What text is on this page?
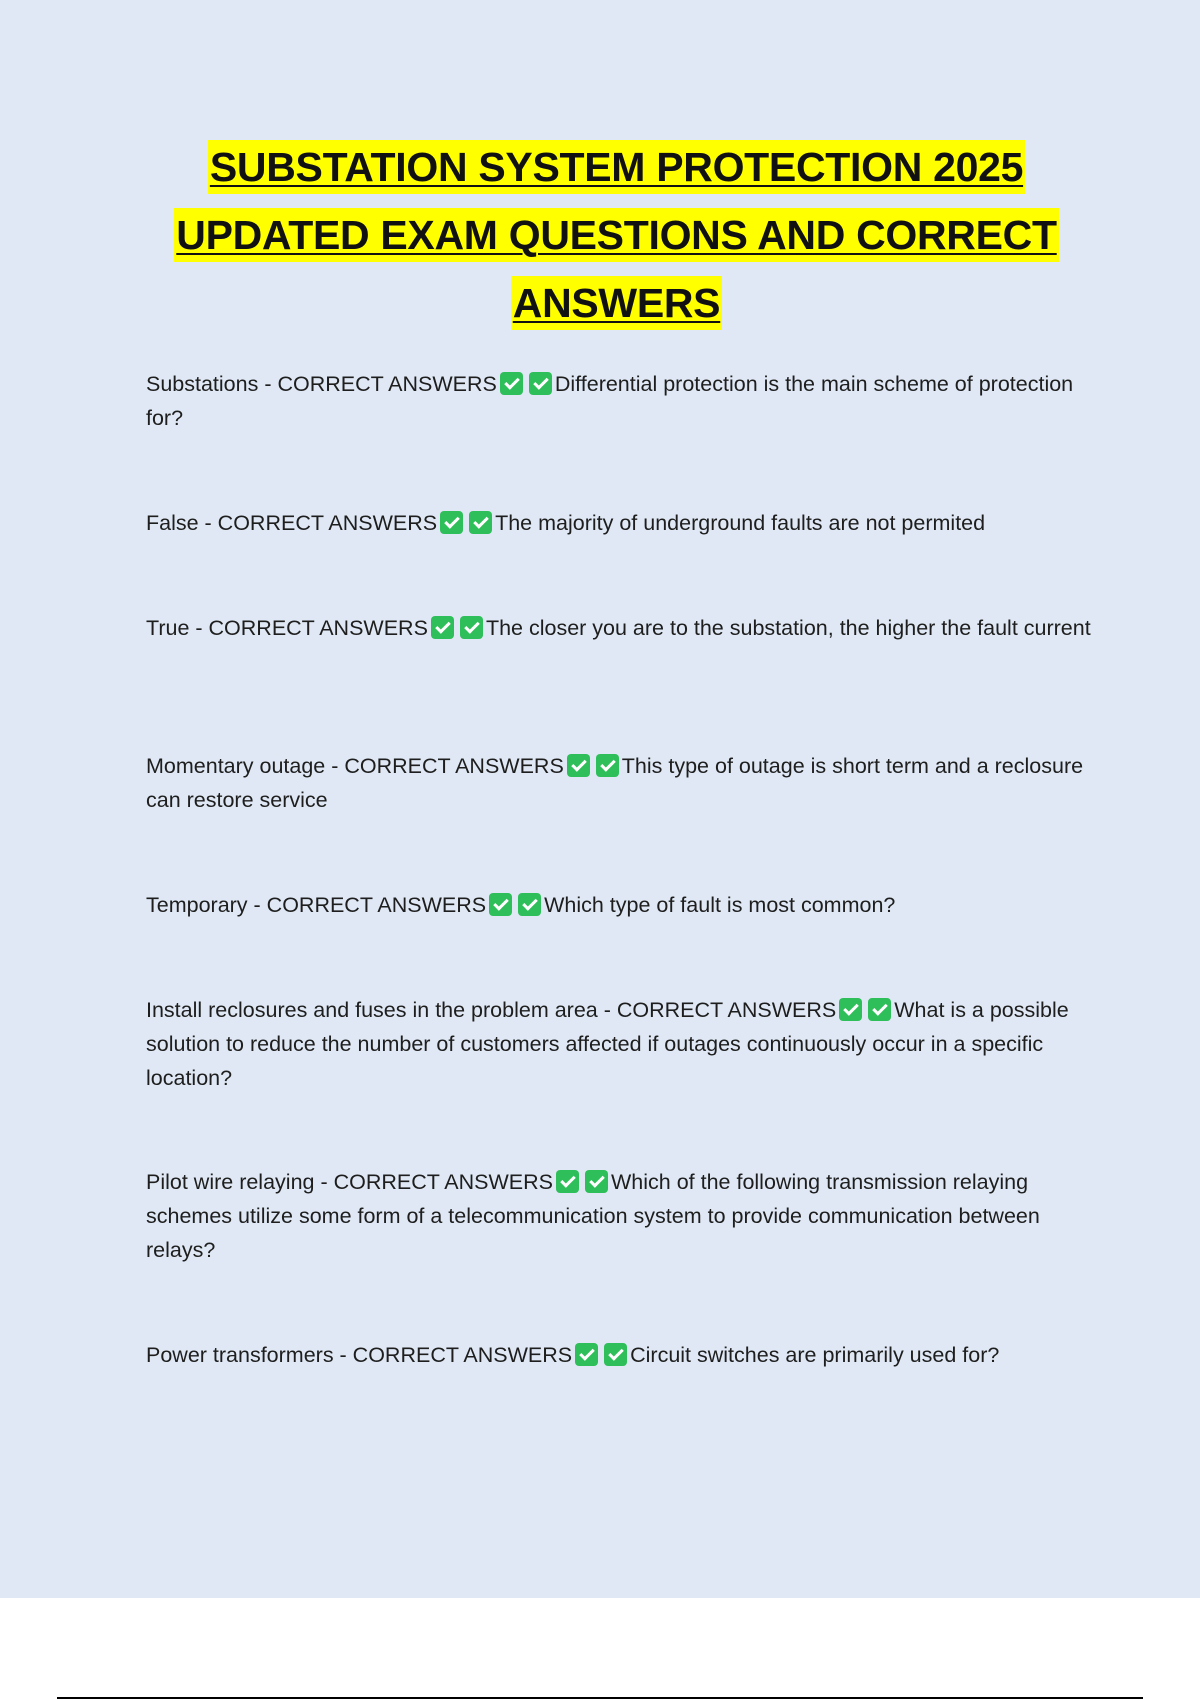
SUBSTATION SYSTEM PROTECTION 2025
UPDATED EXAM QUESTIONS AND CORRECT
ANSWERS
Substations - CORRECT ANSWERS	Differential protection is the main scheme of protection for?
False - CORRECT ANSWERS	The majority of underground faults are not permited
True - CORRECT ANSWERS	The closer you are to the substation, the higher the fault current
Momentary outage - CORRECT ANSWERS	This type of outage is short term and a reclosure can restore service
Temporary - CORRECT ANSWERS	Which type of fault is most common?
Install reclosures and fuses in the problem area - CORRECT ANSWERS	What is a possible solution to reduce the number of customers affected if outages continuously occur in a specific location?
Pilot wire relaying - CORRECT ANSWERS	Which of the following transmission relaying schemes utilize some form of a telecommunication system to provide communication between relays?
Power transformers - CORRECT ANSWERS	Circuit switches are primarily used for?
